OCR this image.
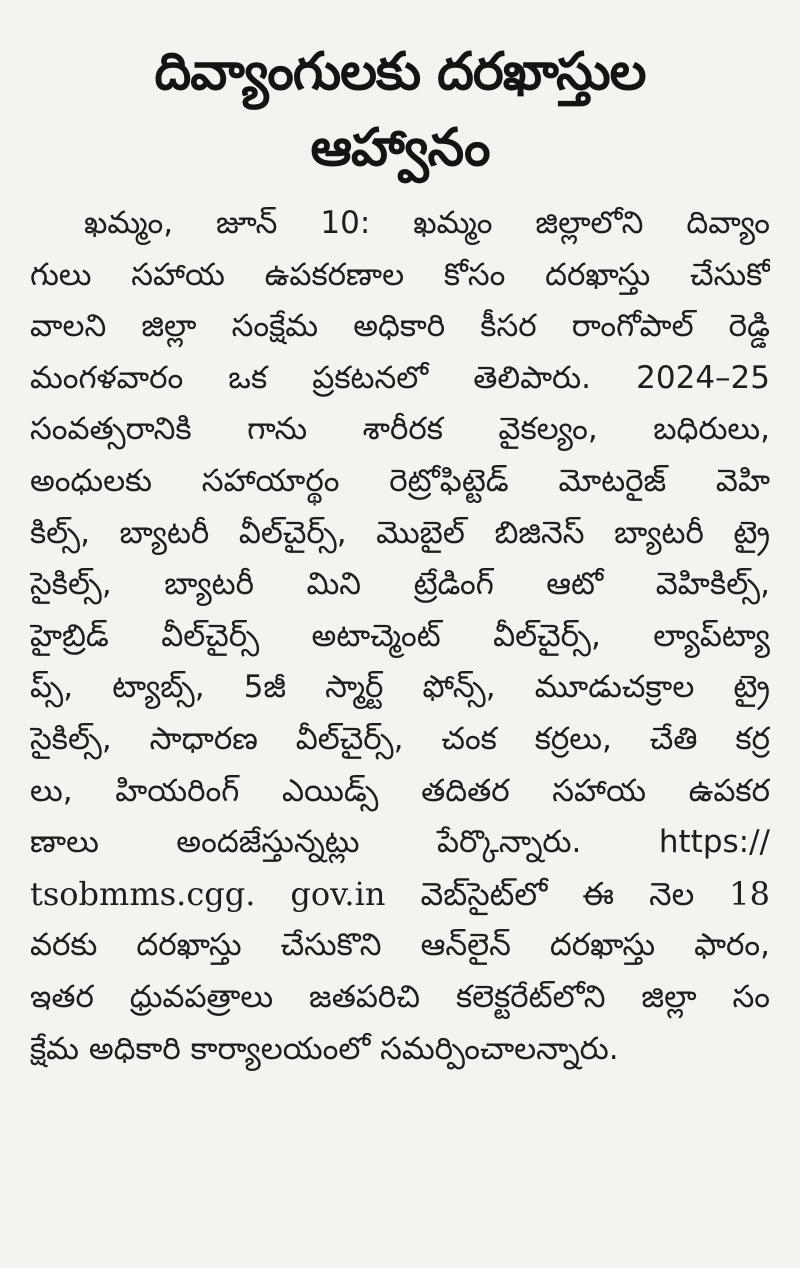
దివ్యాంగులకు దరఖాస్తుల
ఆహ్వానం
ఖమ్మం, జూన్ 10: ఖమ్మం జిల్లాలోని దివ్యాం
గులు సహాయ ఉపకరణాల కోసం దరఖాస్తు చేసుకో
వాలని జిల్లా సంక్షేమ అధికారి కీసర రాంగోపాల్ రెడ్డి
మంగళవారం ఒక ప్రకటనలో తెలిపారు. 2024–25
సంవత్సరానికి గాను శారీరక వైకల్యం, బధిరులు,
అంధులకు సహాయార్థం రెట్రోఫిట్టెడ్ మోటరైజ్ వెహి
కిల్స్, బ్యాటరీ వీల్‌చైర్స్, మొబైల్ బిజినెస్ బ్యాటరీ ట్రై
సైకిల్స్, బ్యాటరీ మిని ట్రేడింగ్ ఆటో వెహికిల్స్,
హైబ్రిడ్ వీల్‌చైర్స్ అటాచ్మెంట్ వీల్‌చైర్స్, ల్యాప్‌ట్యా
ప్స్, ట్యాబ్స్, 5జీ స్మార్ట్ ఫోన్స్, మూడుచక్రాల ట్రై
సైకిల్స్, సాధారణ వీల్‌చైర్స్, చంక కర్రలు, చేతి కర్ర
లు, హియరింగ్ ఎయిడ్స్ తదితర సహాయ ఉపకర
ణాలు అందజేస్తున్నట్లు పేర్కొన్నారు. https://
tsobmms.cgg. gov.in వెబ్‌సైట్‌లో ఈ నెల 18
వరకు దరఖాస్తు చేసుకొని ఆన్‌లైన్ దరఖాస్తు ఫారం,
ఇతర ధ్రువపత్రాలు జతపరిచి కలెక్టరేట్‌లోని జిల్లా సం
క్షేమ అధికారి కార్యాలయంలో సమర్పించాలన్నారు.
